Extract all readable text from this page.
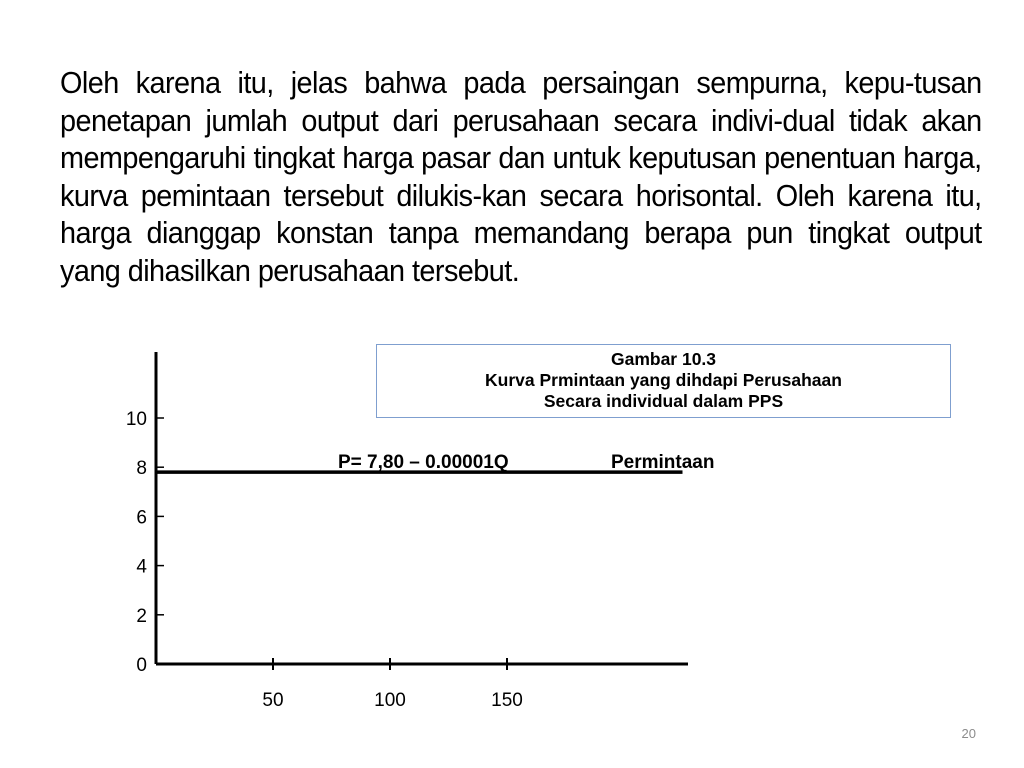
Oleh karena itu, jelas bahwa pada persaingan sempurna, kepu-tusan penetapan jumlah output dari perusahaan secara indivi-dual tidak akan mempengaruhi tingkat harga pasar dan untuk keputusan penentuan harga, kurva pemintaan tersebut dilukis-kan secara horisontal. Oleh karena itu, harga dianggap konstan tanpa memandang berapa pun tingkat output yang dihasilkan perusahaan tersebut.
Gambar 10.3
Kurva Prmintaan yang dihdapi Perusahaan
Secara individual dalam PPS
0
2
4
6
8
10
50	100	150
P= 7,80 – 0.00001Q	Permintaan
20
